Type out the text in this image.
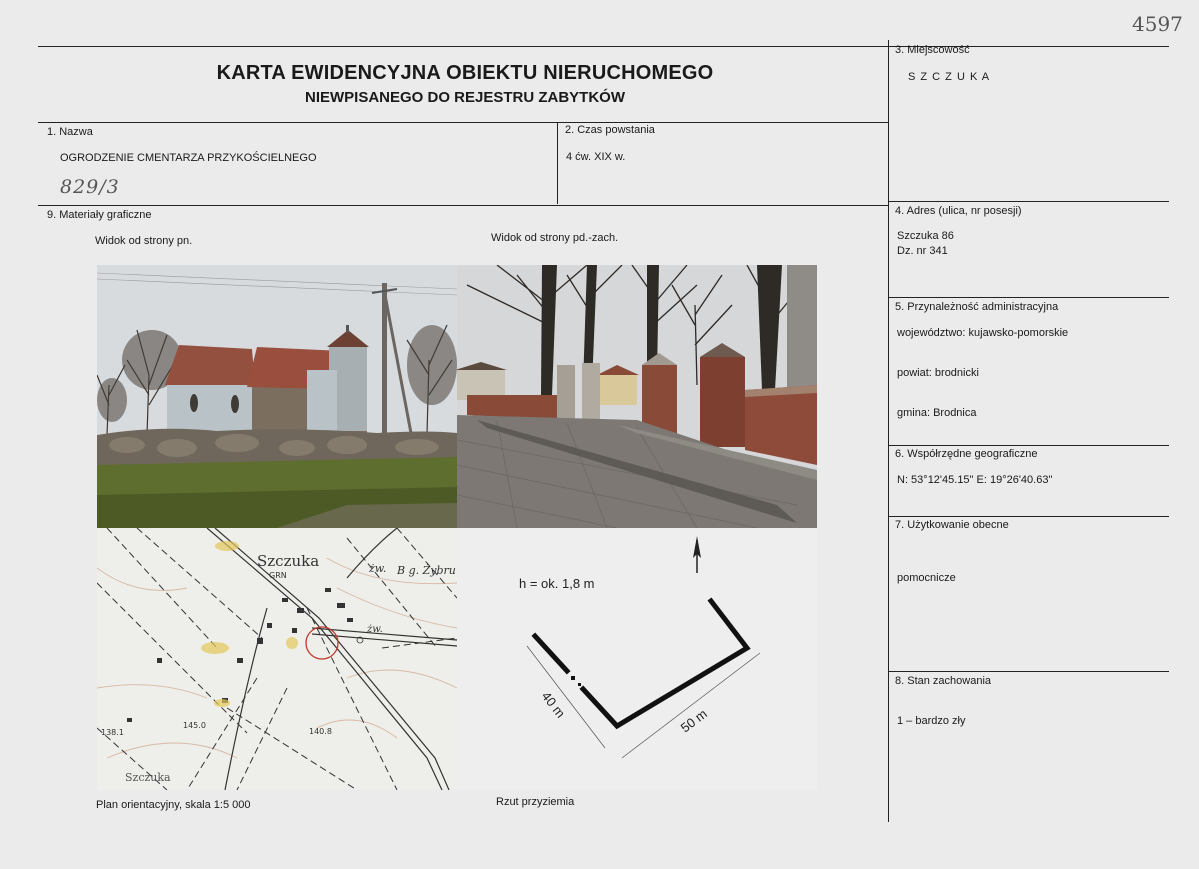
4597
KARTA EWIDENCYJNA OBIEKTU NIERUCHOMEGO
NIEWPISANEGO DO REJESTRU ZABYTKÓW
1. Nazwa
OGRODZENIE CMENTARZA PRZYKOŚCIELNEGO
829/3
2. Czas powstania
4 ćw. XIX w.
3. Miejscowość
S Z C Z U K A
4. Adres (ulica, nr posesji)
Szczuka 86
Dz. nr 341
5. Przynależność administracyjna
województwo: kujawsko-pomorskie
powiat: brodnicki
gmina: Brodnica
6. Współrzędne geograficzne
N: 53°12'45.15" E: 19°26'40.63"
7. Użytkowanie obecne
pomocnicze
8. Stan zachowania
1 – bardzo zły
9. Materiały graficzne
Widok od strony pn.	Widok od strony pd.-zach.
Plan orientacyjny, skala 1:5 000	Rzut przyziemia
Szczuka
GRN
żw. B g. Żybru
żw.
138.1
145.0
140.8
Szczuka
h = ok. 1,8 m
40 m
50 m
